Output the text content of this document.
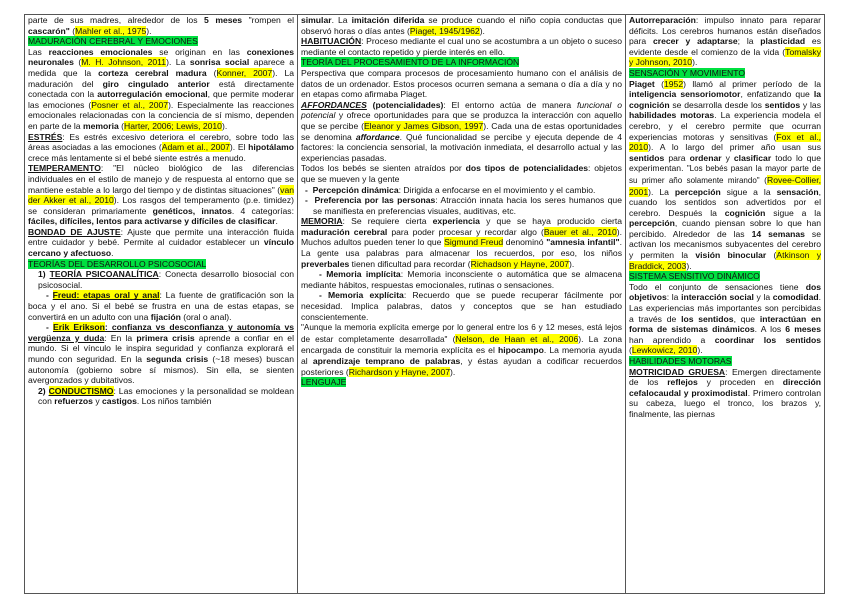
parte de sus madres, alrededor de los 5 meses "rompen el cascarón" (Mahler et al., 1975).

MADURACIÓN CEREBRAL Y EMOCIONES

Las reacciones emocionales se originan en las conexiones neuronales (M. H. Johnson, 2011). La sonrisa social aparece a medida que la corteza cerebral madura (Konner, 2007). La maduración del giro cingulado anterior está directamente conectada con la autorregulación emocional, que permite moderar las emociones (Posner et al., 2007). Especialmente las reacciones emocionales relacionadas con la conciencia de sí mismo, dependen en parte de la memoria (Harter, 2006; Lewis, 2010).

ESTRÉS: Es estrés excesivo deteriora el cerebro, sobre todo las áreas asociadas a las emociones (Adam et al., 2007). El hipotálamo crece más lentamente si el bebé siente estrés a menudo.

TEMPERAMENTO: "El núcleo biológico de las diferencias individuales en el estilo de manejo y de respuesta al entorno que se mantiene estable a lo largo del tiempo y de distintas situaciones" (van der Akker et al., 2010). Los rasgos del temperamento (p.e. timidez) se consideran primariamente genéticos, innatos. 4 categorías: fáciles, difíciles, lentos para activarse y difíciles de clasificar.

BONDAD DE AJUSTE: Ajuste que permite una interacción fluida entre cuidador y bebé. Permite al cuidador establecer un vínculo cercano y afectuoso.

TEORÍAS DEL DESARROLLO PSICOSOCIAL

1) TEORÍA PSICOANALÍTICA: Conecta desarrollo biosocial con psicosocial.

- Freud: etapas oral y anal: La fuente de gratificación son la boca y el ano. Si el bebé se frustra en una de estas etapas, se convertirá en un adulto con una fijación (oral o anal).

- Erik Erikson: confianza vs desconfianza y autonomía vs vergüenza y duda: En la primera crisis aprende a confiar en el mundo. Si el vínculo le inspira seguridad y confianza explorará el mundo con seguridad. En la segunda crisis (~18 meses) buscan autonomía (gobierno sobre sí mismos). Sin ella, se sienten avergonzados y dubitativos.

2) CONDUCTISMO: Las emociones y la personalidad se moldean con refuerzos y castigos. Los niños también

simular. La imitación diferida se produce cuando el niño copia conductas que observó horas o días antes (Piaget, 1945/1962).

HABITUACIÓN: Proceso mediante el cual uno se acostumbra a un objeto o suceso mediante el contacto repetido y pierde interés en ello.

TEORÍA DEL PROCESAMIENTO DE LA INFORMACIÓN

Perspectiva que compara procesos de procesamiento humano con el análisis de datos de un ordenador. Estos procesos ocurren semana a semana o día a día y no en etapas como afirmaba Piaget.

AFFORDANCES (potencialidades): El entorno actúa de manera funcional o potencial y ofrece oportunidades para que se produzca la interacción con aquello que se percibe (Eleanor y James Gibson, 1997). Cada una de estas oportunidades se denomina affordance. Qué funcionalidad se percibe y ejecuta depende de 4 factores: la conciencia sensorial, la motivación inmediata, el desarrollo actual y las experiencias pasadas.

Todos los bebés se sienten atraídos por dos tipos de potencialidades: objetos que se mueven y la gente

-  Percepción dinámica: Dirigida a enfocarse en el movimiento y el cambio.

-  Preferencia por las personas: Atracción innata hacia los seres humanos que se manifiesta en preferencias visuales, auditivas, etc.

MEMORIA: Se requiere cierta experiencia y que se haya producido cierta maduración cerebral para poder procesar y recordar algo (Bauer et al., 2010). Muchos adultos pueden tener lo que Sigmund Freud denominó "amnesia infantil". La gente usa palabras para almacenar los recuerdos, por eso, los niños preverbales tienen dificultad para recordar (Richadson y Hayne, 2007).

- Memoria implícita: Memoria inconsciente o automática que se almacena mediante hábitos, respuestas emocionales, rutinas o sensaciones.

- Memoria explícita: Recuerdo que se puede recuperar fácilmente por necesidad. Implica palabras, datos y conceptos que se han estudiado conscientemente.

"Aunque la memoria explícita emerge por lo general entre los 6 y 12 meses, está lejos de estar completamente desarrollada" (Nelson, de Haan et al., 2006). La zona encargada de constituir la memoria explícita es el hipocampo. La memoria ayuda al aprendizaje temprano de palabras, y éstas ayudan a codificar recuerdos posteriores (Richardson y Hayne, 2007).

LENGUAJE

Autorreparación: impulso innato para reparar déficits. Los cerebros humanos están diseñados para crecer y adaptarse; la plasticidad es evidente desde el comienzo de la vida (Tomalsky y Johnson, 2010).

SENSACIÓN Y MOVIMIENTO

Piaget (1952) llamó al primer período de la inteligencia sensoriomotor, enfatizando que la cognición se desarrolla desde los sentidos y las habilidades motoras. La experiencia modela el cerebro, y el cerebro permite que ocurran experiencias motoras y sensitivas (Fox et al., 2010). A lo largo del primer año usan sus sentidos para ordenar y clasificar todo lo que experimentan. "Los bebés pasan la mayor parte de su primer año solamente mirando" (Rovee-Collier, 2001). La percepción sigue a la sensación, cuando los sentidos son advertidos por el cerebro. Después la cognición sigue a la percepción, cuando piensan sobre lo que han percibido. Alrededor de las 14 semanas se activan los mecanismos subyacentes del cerebro y permiten la visión binocular (Atkinson y Braddick, 2003).

SISTEMA SENSITIVO DINÁMICO

Todo el conjunto de sensaciones tiene dos objetivos: la interacción social y la comodidad. Las experiencias más importantes son percibidas a través de los sentidos, que interactúan en forma de sistemas dinámicos. A los 6 meses han aprendido a coordinar los sentidos (Lewkowicz, 2010).

HABILIDADES MOTORAS

MOTRICIDAD GRUESA: Emergen directamente de los reflejos y proceden en dirección cefalocaudal y proximodistal. Primero controlan su cabeza, luego el tronco, los brazos y, finalmente, las piernas
